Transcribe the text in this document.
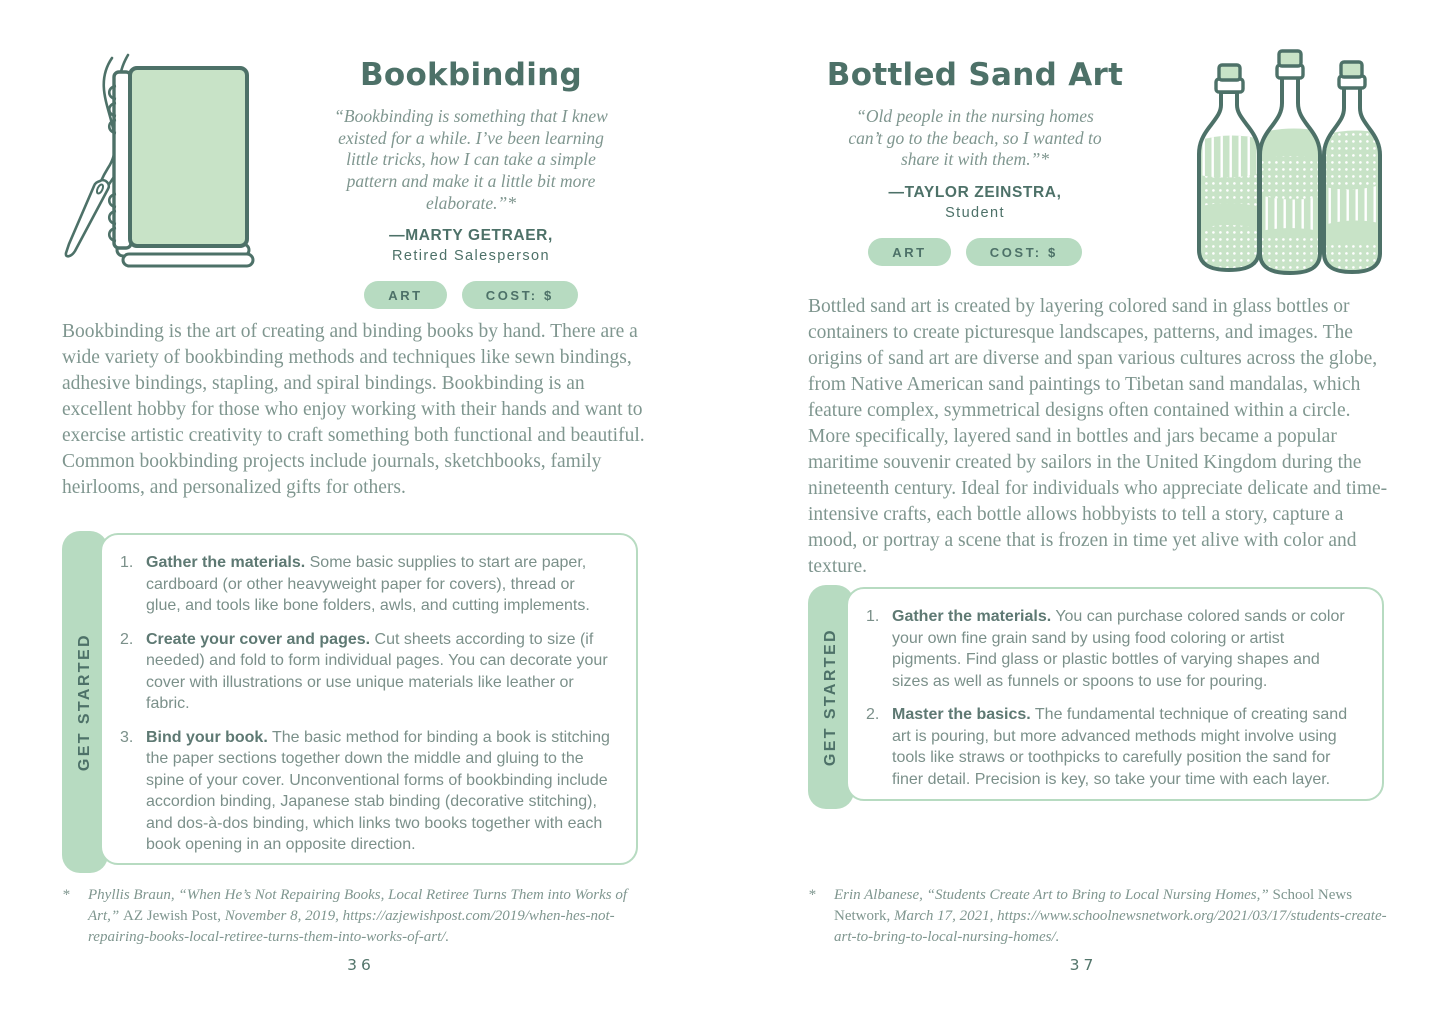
Bookbinding
“Bookbinding is something that I knew existed for a while. I’ve been learning little tricks, how I can take a simple pattern and make it a little bit more elaborate.”*
—MARTY GETRAER,
Retired Salesperson
ART	COST: $
Bookbinding is the art of creating and binding books by hand. There are a wide variety of bookbinding methods and techniques like sewn bindings, adhesive bindings, stapling, and spiral bindings. Bookbinding is an excellent hobby for those who enjoy working with their hands and want to exercise artistic creativity to craft something both functional and beautiful. Common bookbinding projects include journals, sketchbooks, family heirlooms, and personalized gifts for others.
GET STARTED
1. Gather the materials. Some basic supplies to start are paper, cardboard (or other heavyweight paper for covers), thread or glue, and tools like bone folders, awls, and cutting implements.
2. Create your cover and pages. Cut sheets according to size (if needed) and fold to form individual pages. You can decorate your cover with illustrations or use unique materials like leather or fabric.
3. Bind your book. The basic method for binding a book is stitching the paper sections together down the middle and gluing to the spine of your cover. Unconventional forms of bookbinding include accordion binding, Japanese stab binding (decorative stitching), and dos-à-dos binding, which links two books together with each book opening in an opposite direction.
* Phyllis Braun, “When He’s Not Repairing Books, Local Retiree Turns Them into Works of Art,” AZ Jewish Post, November 8, 2019, https://azjewishpost.com/2019/when-hes-not-repairing-books-local-retiree-turns-them-into-works-of-art/.
36
Bottled Sand Art
“Old people in the nursing homes can’t go to the beach, so I wanted to share it with them.”*
—TAYLOR ZEINSTRA,
Student
ART	COST: $
Bottled sand art is created by layering colored sand in glass bottles or containers to create picturesque landscapes, patterns, and images. The origins of sand art are diverse and span various cultures across the globe, from Native American sand paintings to Tibetan sand mandalas, which feature complex, symmetrical designs often contained within a circle. More specifically, layered sand in bottles and jars became a popular maritime souvenir created by sailors in the United Kingdom during the nineteenth century. Ideal for individuals who appreciate delicate and time-intensive crafts, each bottle allows hobbyists to tell a story, capture a mood, or portray a scene that is frozen in time yet alive with color and texture.
GET STARTED
1. Gather the materials. You can purchase colored sands or color your own fine grain sand by using food coloring or artist pigments. Find glass or plastic bottles of varying shapes and sizes as well as funnels or spoons to use for pouring.
2. Master the basics. The fundamental technique of creating sand art is pouring, but more advanced methods might involve using tools like straws or toothpicks to carefully position the sand for finer detail. Precision is key, so take your time with each layer.
* Erin Albanese, “Students Create Art to Bring to Local Nursing Homes,” School News Network, March 17, 2021, https://www.schoolnewsnetwork.org/2021/03/17/students-create-art-to-bring-to-local-nursing-homes/.
37
